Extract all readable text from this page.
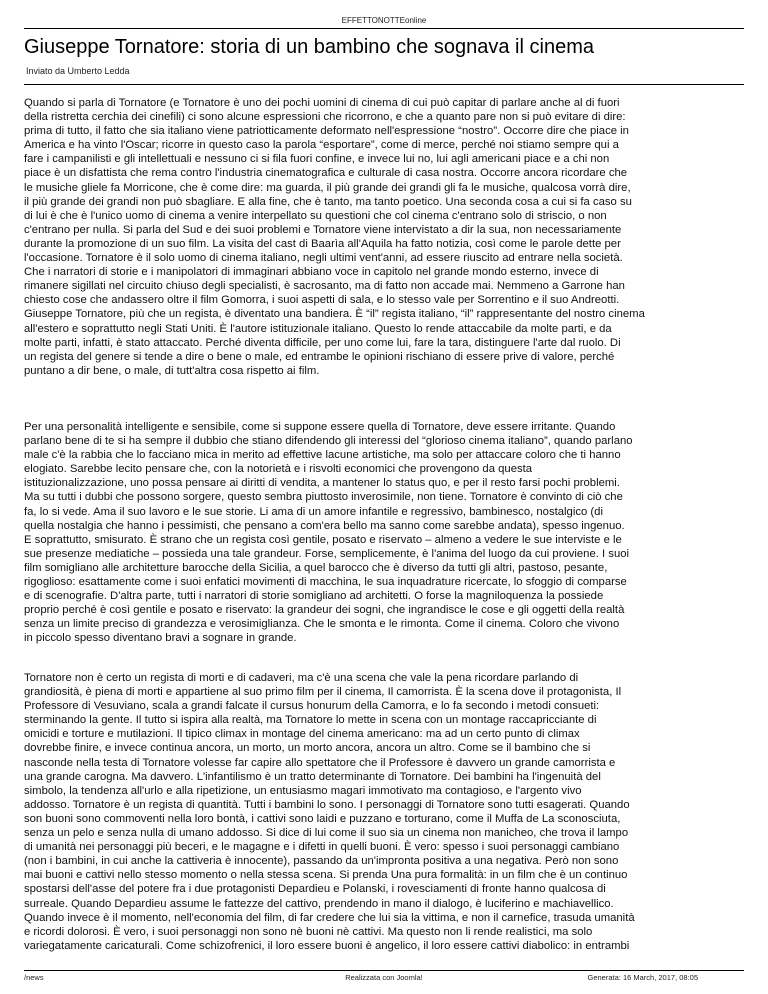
EFFETTONOTTEonline
Giuseppe Tornatore: storia di un bambino che sognava il cinema
Inviato da Umberto Ledda
Quando si parla di Tornatore (e Tornatore è uno dei pochi uomini di cinema di cui può capitar di parlare anche al di fuori
della ristretta cerchia dei cinefili) ci sono alcune espressioni che ricorrono, e che a quanto pare non si può evitare di dire:
prima di tutto, il fatto che sia italiano viene patriotticamente deformato nell'espressione “nostro”. Occorre dire che piace in
America e ha vinto l'Oscar; ricorre in questo caso la parola “esportare”, come di merce, perché noi stiamo sempre qui a
fare i campanilisti e gli intellettuali e nessuno ci si fila fuori confine, e invece lui no, lui agli americani piace e a chi non
piace è un disfattista che rema contro l'industria cinematografica e culturale di casa nostra. Occorre ancora ricordare che
le musiche gliele fa Morricone, che è come dire: ma guarda, il più grande dei grandi gli fa le musiche, qualcosa vorrà dire,
il più grande dei grandi non può sbagliare. E alla fine, che è tanto, ma tanto poetico. Una seconda cosa a cui si fa caso su
di lui è che è l'unico uomo di cinema a venire interpellato su questioni che col cinema c'entrano solo di striscio, o non
c'entrano per nulla. Si parla del Sud e dei suoi problemi e Tornatore viene intervistato a dir la sua, non necessariamente
durante la promozione di un suo film. La visita del cast di Baarìa all'Aquila ha fatto notizia, così come le parole dette per
l'occasione. Tornatore è il solo uomo di cinema italiano, negli ultimi vent'anni, ad essere riuscito ad entrare nella società.
Che i narratori di storie e i manipolatori di immaginari abbiano voce in capitolo nel grande mondo esterno, invece di
rimanere sigillati nel circuito chiuso degli specialisti, è sacrosanto, ma di fatto non accade mai. Nemmeno a Garrone han
chiesto cose che andassero oltre il film Gomorra, i suoi aspetti di sala, e lo stesso vale per Sorrentino e il suo Andreotti.
Giuseppe Tornatore, più che un regista, è diventato una bandiera. È “il” regista italiano, “il” rappresentante del nostro cinema
all'estero e soprattutto negli Stati Uniti. È l'autore istituzionale italiano. Questo lo rende attaccabile da molte parti, e da
molte parti, infatti, è stato attaccato. Perché diventa difficile, per uno come lui, fare la tara, distinguere l'arte dal ruolo. Di
un regista del genere si tende a dire o bene o male, ed entrambe le opinioni rischiano di essere prive di valore, perché
puntano a dir bene, o male, di tutt'altra cosa rispetto ai film.
Per una personalità intelligente e sensibile, come si suppone essere quella di Tornatore, deve essere irritante. Quando
parlano bene di te si ha sempre il dubbio che stiano difendendo gli interessi del “glorioso cinema italiano”, quando parlano
male c'è la rabbia che lo facciano mica in merito ad effettive lacune artistiche, ma solo per attaccare coloro che ti hanno
elogiato. Sarebbe lecito pensare che, con la notorietà e i risvolti economici che provengono da questa
istituzionalizzazione, uno possa pensare ai diritti di vendita, a mantener lo status quo, e per il resto farsi pochi problemi.
Ma su tutti i dubbi che possono sorgere, questo sembra piuttosto inverosimile, non tiene. Tornatore è convinto di ciò che
fa, lo si vede. Ama il suo lavoro e le sue storie. Li ama di un amore infantile e regressivo, bambinesco, nostalgico (di
quella nostalgia che hanno i pessimisti, che pensano a com'era bello ma sanno come sarebbe andata), spesso ingenuo.
E soprattutto, smisurato. È strano che un regista così gentile, posato e riservato – almeno a vedere le sue interviste e le
sue presenze mediatiche – possieda una tale grandeur. Forse, semplicemente, è l'anima del luogo da cui proviene. I suoi
film somigliano alle architetture barocche della Sicilia, a quel barocco che è diverso da tutti gli altri, pastoso, pesante,
rigoglioso: esattamente come i suoi enfatici movimenti di macchina, le sua inquadrature ricercate, lo sfoggio di comparse
e di scenografie. D'altra parte, tutti i narratori di storie somigliano ad architetti. O forse la magniloquenza la possiede
proprio perché è così gentile e posato e riservato: la grandeur dei sogni, che ingrandisce le cose e gli oggetti della realtà
senza un limite preciso di grandezza e verosimiglianza. Che le smonta e le rimonta. Come il cinema. Coloro che vivono
in piccolo spesso diventano bravi a sognare in grande.
Tornatore non è certo un regista di morti e di cadaveri, ma c'è una scena che vale la pena ricordare parlando di
grandiosità, è piena di morti e appartiene al suo primo film per il cinema, Il camorrista. È la scena dove il protagonista, Il
Professore di Vesuviano, scala a grandi falcate il cursus honurum della Camorra, e lo fa secondo i metodi consueti:
sterminando la gente. Il tutto si ispira alla realtà, ma Tornatore lo mette in scena con un montage raccapricciante di
omicidi e torture e mutilazioni. Il tipico climax in montage del cinema americano: ma ad un certo punto di climax
dovrebbe finire, e invece continua ancora, un morto, un morto ancora, ancora un altro. Come se il bambino che si
nasconde nella testa di Tornatore volesse far capire allo spettatore che il Professore è davvero un grande camorrista e
una grande carogna. Ma davvero. L'infantilismo è un tratto determinante di Tornatore. Dei bambini ha l'ingenuità del
simbolo, la tendenza all'urlo e alla ripetizione, un entusiasmo magari immotivato ma contagioso, e l'argento vivo
addosso. Tornatore è un regista di quantità. Tutti i bambini lo sono. I personaggi di Tornatore sono tutti esagerati. Quando
son buoni sono commoventi nella loro bontà, i cattivi sono laidi e puzzano e torturano, come il Muffa de La sconosciuta,
senza un pelo e senza nulla di umano addosso. Si dice di lui come il suo sia un cinema non manicheo, che trova il lampo
di umanità nei personaggi più beceri, e le magagne e i difetti in quelli buoni. È vero: spesso i suoi personaggi cambiano
(non i bambini, in cui anche la cattiveria è innocente), passando da un'impronta positiva a una negativa. Però non sono
mai buoni e cattivi nello stesso momento o nella stessa scena. Si prenda Una pura formalità: in un film che è un continuo
spostarsi dell'asse del potere fra i due protagonisti Depardieu e Polanski, i rovesciamenti di fronte hanno qualcosa di
surreale. Quando Depardieu assume le fattezze del cattivo, prendendo in mano il dialogo, è luciferino e machiavellico.
Quando invece è il momento, nell'economia del film, di far credere che lui sia la vittima, e non il carnefice, trasuda umanità
e ricordi dolorosi. È vero, i suoi personaggi non sono nè buoni nè cattivi. Ma questo non li rende realistici, ma solo
variegatamente caricaturali. Come schizofrenici, il loro essere buoni è angelico, il loro essere cattivi diabolico: in entrambi
/news	Realizzata con Joomla!	Generata: 16 March, 2017, 08:05
